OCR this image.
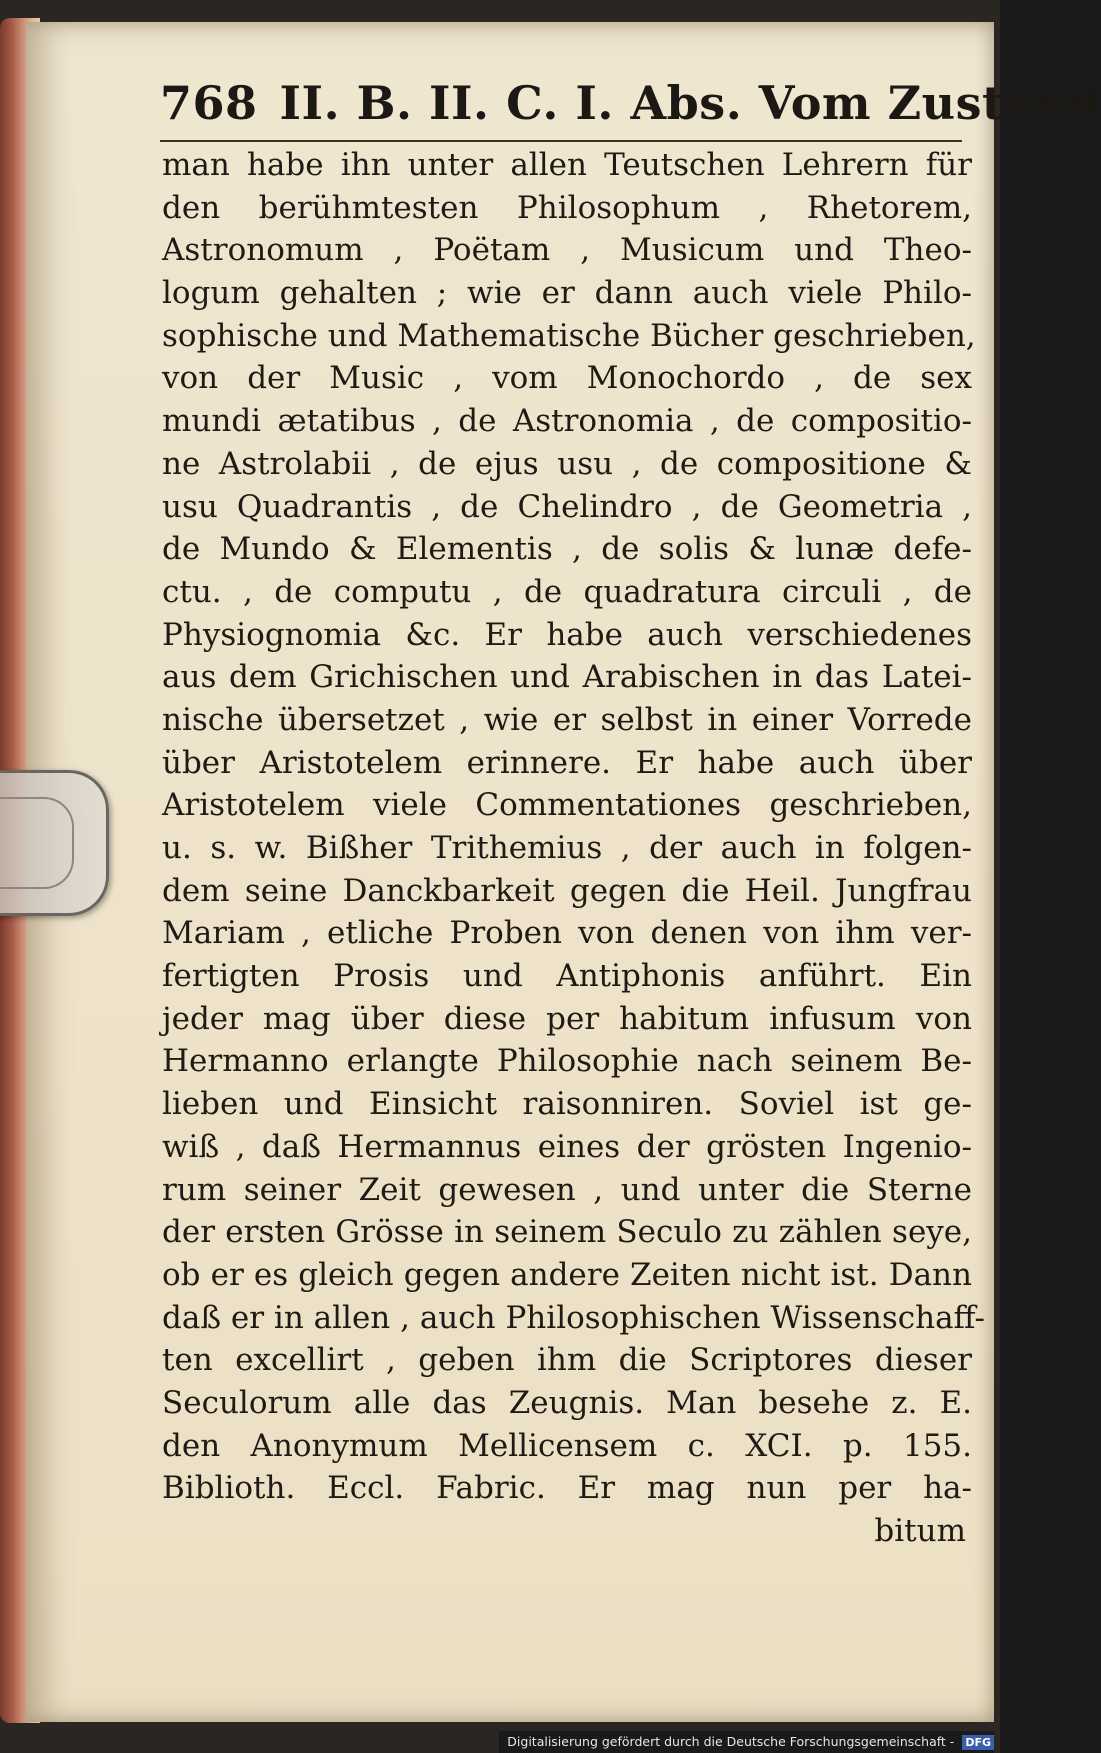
768 II. B. II. C. I. Abs. Vom Zustand
man habe ihn unter allen Teutschen Lehrern für
den berühmtesten Philosophum , Rhetorem,
Astronomum , Poëtam , Musicum und Theo-
logum gehalten ; wie er dann auch viele Philo-
sophische und Mathematische Bücher geschrieben,
von der Music , vom Monochordo , de sex
mundi ætatibus , de Astronomia , de compositio-
ne Astrolabii , de ejus usu , de compositione &
usu Quadrantis , de Chelindro , de Geometria ,
de Mundo & Elementis , de solis & lunæ defe-
ctu. , de computu , de quadratura circuli , de
Physiognomia &c. Er habe auch verschiedenes
aus dem Grichischen und Arabischen in das Latei-
nische übersetzet , wie er selbst in einer Vorrede
über Aristotelem erinnere. Er habe auch über
Aristotelem viele Commentationes geschrieben,
u. s. w. Bißher Trithemius , der auch in folgen-
dem seine Danckbarkeit gegen die Heil. Jungfrau
Mariam , etliche Proben von denen von ihm ver-
fertigten Prosis und Antiphonis anführt. Ein
jeder mag über diese per habitum infusum von
Hermanno erlangte Philosophie nach seinem Be-
lieben und Einsicht raisonniren. Soviel ist ge-
wiß , daß Hermannus eines der grösten Ingenio-
rum seiner Zeit gewesen , und unter die Sterne
der ersten Grösse in seinem Seculo zu zählen seye,
ob er es gleich gegen andere Zeiten nicht ist. Dann
daß er in allen , auch Philosophischen Wissenschaff-
ten excellirt , geben ihm die Scriptores dieser
Seculorum alle das Zeugnis. Man besehe z. E.
den Anonymum Mellicensem c. XCI. p. 155.
Biblioth. Eccl. Fabric. Er mag nun per ha-
bitum
Digitalisierung gefördert durch die Deutsche Forschungsgemeinschaft - DFG
